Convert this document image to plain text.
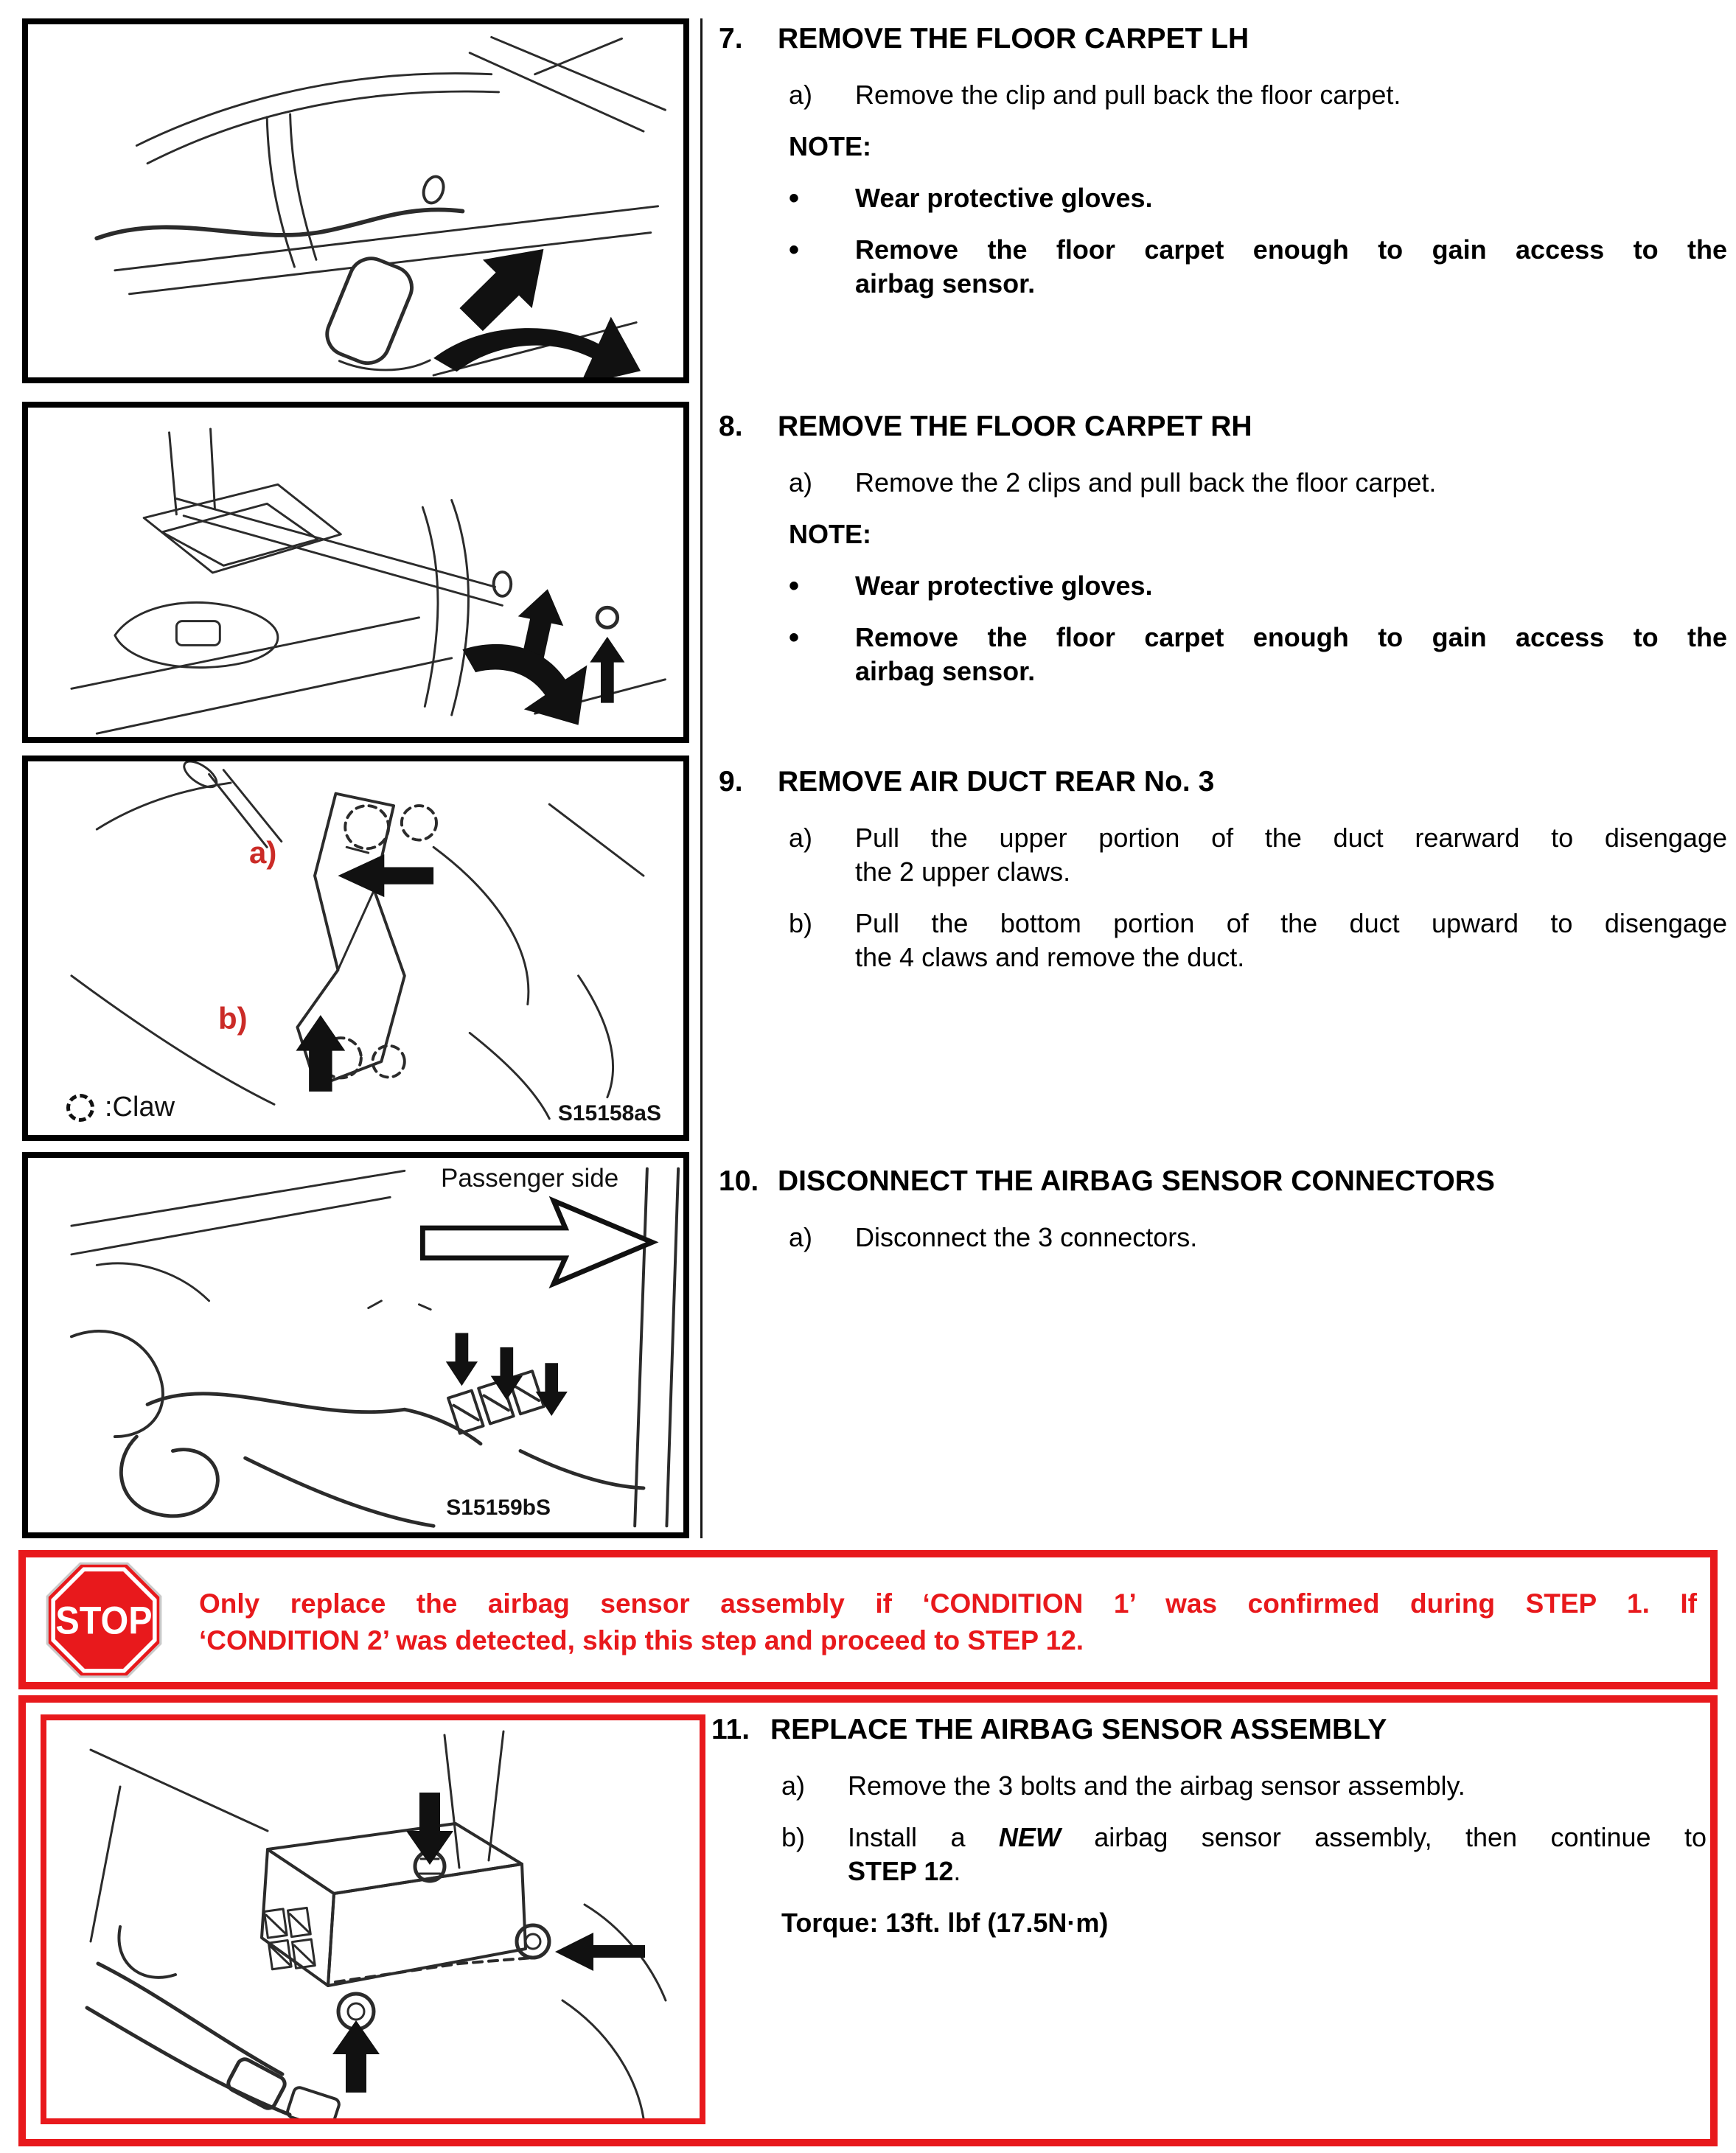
a)
b)
:Claw	S15158aS
Passenger side
S15159bS
7.	REMOVE THE FLOOR CARPET LH
a)	Remove the clip and pull back the floor carpet.
NOTE:
•	Wear protective gloves.
•	Remove the floor carpet enough to gain access to the
airbag sensor.
8.	REMOVE THE FLOOR CARPET RH
a)	Remove the 2 clips and pull back the floor carpet.
NOTE:
•	Wear protective gloves.
•	Remove the floor carpet enough to gain access to the
airbag sensor.
9.	REMOVE AIR DUCT REAR No. 3
a)	Pull the upper portion of the duct rearward to disengage
the 2 upper claws.
b)	Pull the bottom portion of the duct upward to disengage
the 4 claws and remove the duct.
10. DISCONNECT THE AIRBAG SENSOR CONNECTORS
a)	Disconnect the 3 connectors.
STOP Only replace the airbag sensor assembly if ‘CONDITION 1’ was confirmed during STEP 1. If
‘CONDITION 2’ was detected, skip this step and proceed to STEP 12.
11. REPLACE THE AIRBAG SENSOR ASSEMBLY
a)	Remove the 3 bolts and the airbag sensor assembly.
b)	Install a NEW airbag sensor assembly, then continue to
STEP 12.
Torque: 13ft. lbf (17.5N·m)
